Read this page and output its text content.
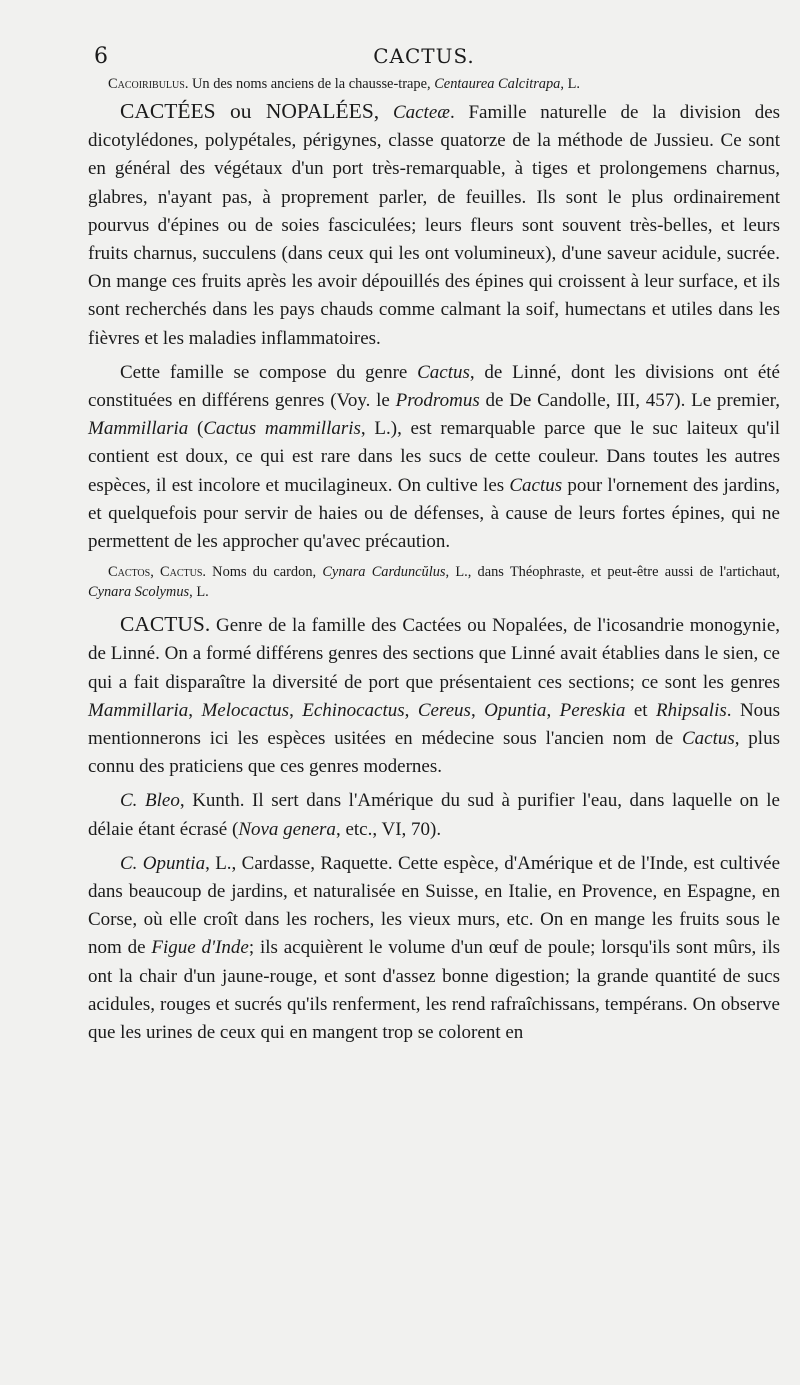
6	CACTUS.

Cacoiribulus. Un des noms anciens de la chausse-trape, Centaurea Calcitrapa, L.

CACTÉES ou NOPALÉES, Cacteæ. Famille naturelle de la division des dicotylédones, polypétales, périgynes, classe quatorze de la méthode de Jussieu. Ce sont en général des végétaux d'un port très-remarquable, à tiges et prolongemens charnus, glabres, n'ayant pas, à proprement parler, de feuilles. Ils sont le plus ordinairement pourvus d'épines ou de soies fasciculées; leurs fleurs sont souvent très-belles, et leurs fruits charnus, succulens (dans ceux qui les ont volumineux), d'une saveur acidule, sucrée. On mange ces fruits après les avoir dépouillés des épines qui croissent à leur surface, et ils sont recherchés dans les pays chauds comme calmant la soif, humectans et utiles dans les fièvres et les maladies inflammatoires.

Cette famille se compose du genre Cactus, de Linné, dont les divisions ont été constituées en différens genres (Voy. le Prodromus de De Candolle, III, 457). Le premier, Mammillaria (Cactus mammillaris, L.), est remarquable parce que le suc laiteux qu'il contient est doux, ce qui est rare dans les sucs de cette couleur. Dans toutes les autres espèces, il est incolore et mucilagineux. On cultive les Cactus pour l'ornement des jardins, et quelquefois pour servir de haies ou de défenses, à cause de leurs fortes épines, qui ne permettent de les approcher qu'avec précaution.

Cactos, Cactus. Noms du cardon, Cynara Carduncŭlus, L., dans Théophraste, et peut-être aussi de l'artichaut, Cynara Scolymus, L.

CACTUS. Genre de la famille des Cactées ou Nopalées, de l'icosandrie monogynie, de Linné. On a formé différens genres des sections que Linné avait établies dans le sien, ce qui a fait disparaître la diversité de port que présentaient ces sections; ce sont les genres Mammillaria, Melocactus, Echinocactus, Cereus, Opuntia, Pereskia et Rhipsalis. Nous mentionnerons ici les espèces usitées en médecine sous l'ancien nom de Cactus, plus connu des praticiens que ces genres modernes.

C. Bleo, Kunth. Il sert dans l'Amérique du sud à purifier l'eau, dans laquelle on le délaie étant écrasé (Nova genera, etc., VI, 70).

C. Opuntia, L., Cardasse, Raquette. Cette espèce, d'Amérique et de l'Inde, est cultivée dans beaucoup de jardins, et naturalisée en Suisse, en Italie, en Provence, en Espagne, en Corse, où elle croît dans les rochers, les vieux murs, etc. On en mange les fruits sous le nom de Figue d'Inde; ils acquièrent le volume d'un œuf de poule; lorsqu'ils sont mûrs, ils ont la chair d'un jaune-rouge, et sont d'assez bonne digestion; la grande quantité de sucs acidules, rouges et sucrés qu'ils renferment, les rend rafraîchissans, tempérans. On observe que les urines de ceux qui en mangent trop se colorent en
